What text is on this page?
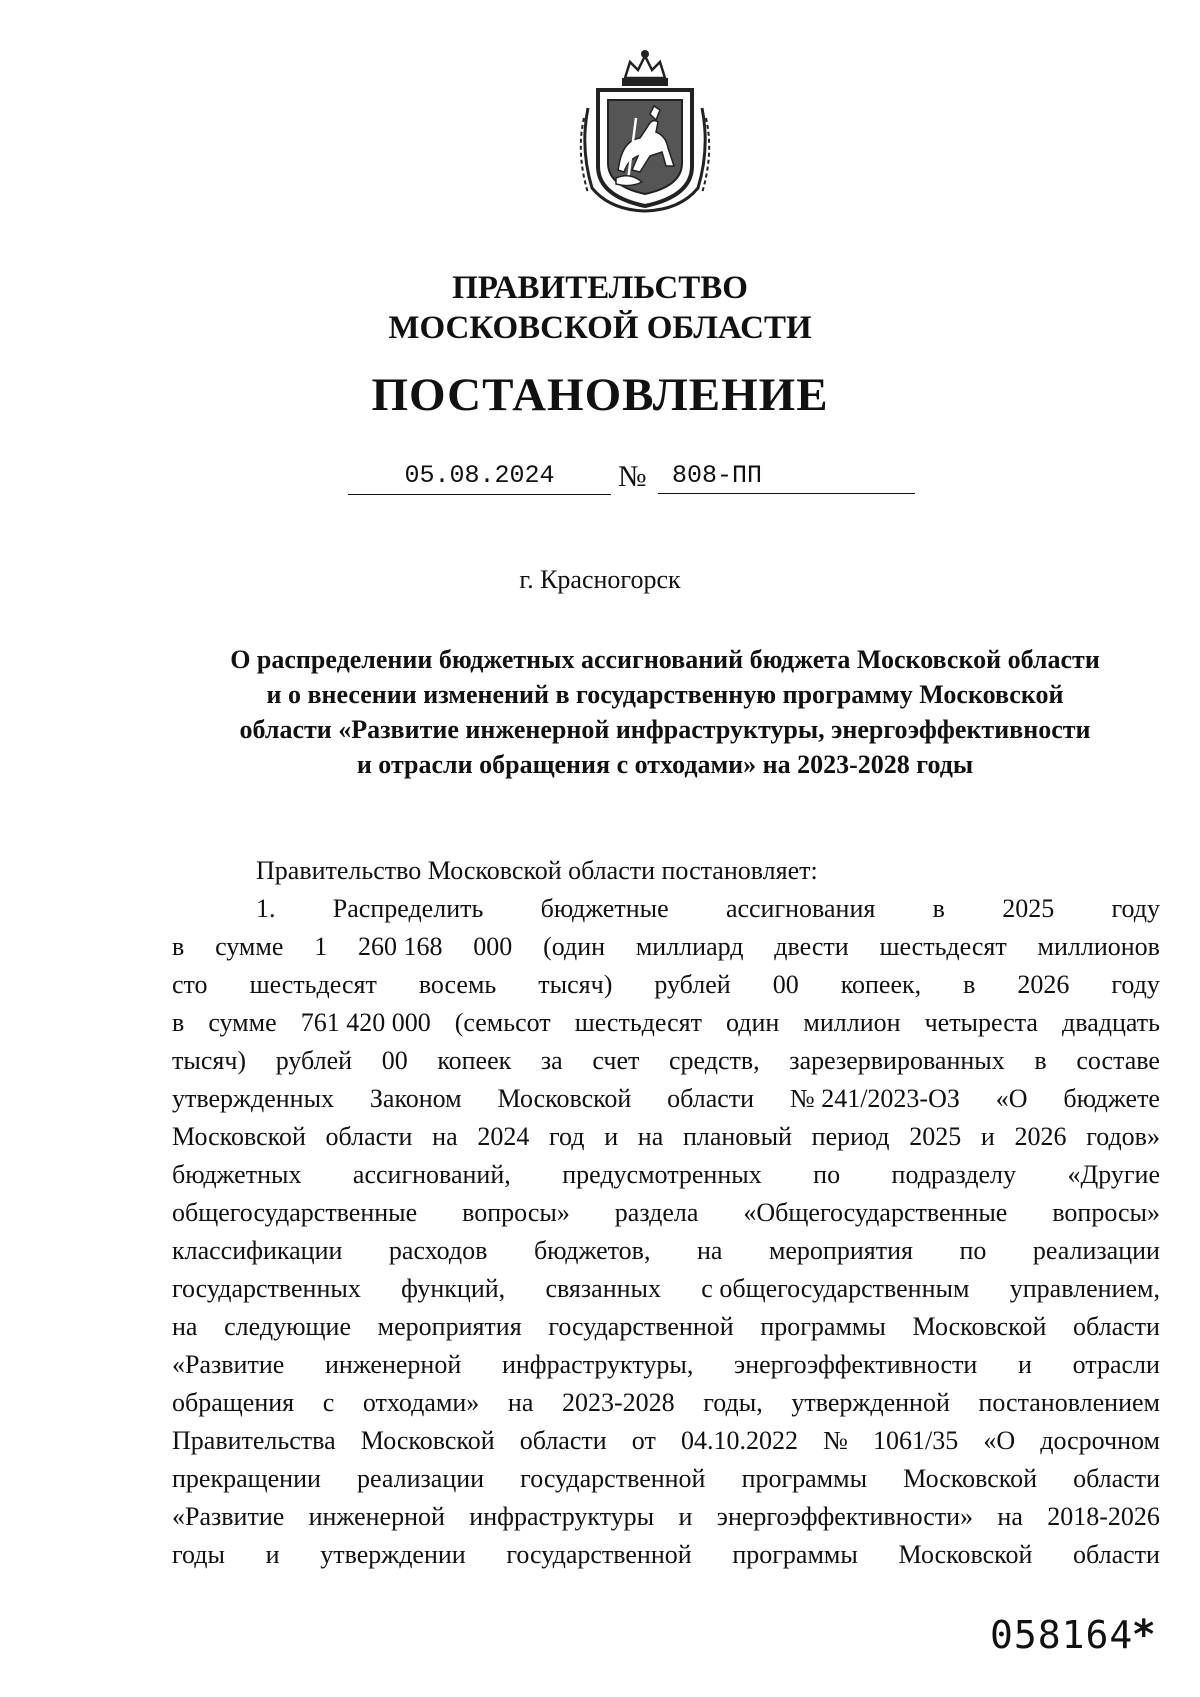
ПРАВИТЕЛЬСТВО
МОСКОВСКОЙ ОБЛАСТИ
ПОСТАНОВЛЕНИЕ
05.08.2024	№	808-ПП
г. Красногорск
О распределении бюджетных ассигнований бюджета Московской области
и о внесении изменений в государственную программу Московской
области «Развитие инженерной инфраструктуры, энергоэффективности
и отрасли обращения с отходами» на 2023-2028 годы
Правительство Московской области постановляет:
1. Распределить бюджетные ассигнования в 2025 году
в сумме 1 260 168 000 (один миллиард двести шестьдесят миллионов
сто шестьдесят восемь тысяч) рублей 00 копеек, в 2026 году
в сумме 761 420 000 (семьсот шестьдесят один миллион четыреста двадцать
тысяч) рублей 00 копеек за счет средств, зарезервированных в составе
утвержденных Законом Московской области № 241/2023-ОЗ «О бюджете
Московской области на 2024 год и на плановый период 2025 и 2026 годов»
бюджетных ассигнований, предусмотренных по подразделу «Другие
общегосударственные вопросы» раздела «Общегосударственные вопросы»
классификации расходов бюджетов, на мероприятия по реализации
государственных функций, связанных с общегосударственным управлением,
на следующие мероприятия государственной программы Московской области
«Развитие инженерной инфраструктуры, энергоэффективности и отрасли
обращения с отходами» на 2023-2028 годы, утвержденной постановлением
Правительства Московской области от 04.10.2022 № 1061/35 «О досрочном
прекращении реализации государственной программы Московской области
«Развитие инженерной инфраструктуры и энергоэффективности» на 2018-2026
годы и утверждении государственной программы Московской области
058164*
